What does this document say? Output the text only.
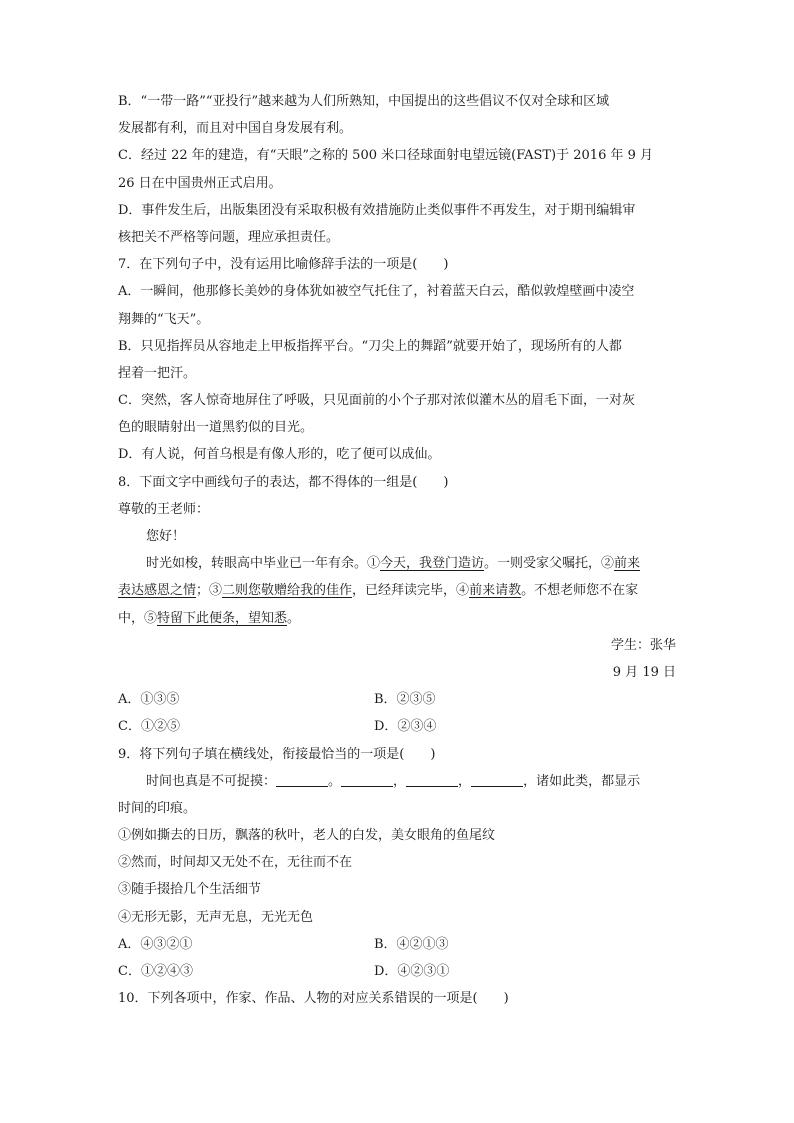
B．“一带一路”“亚投行”越来越为人们所熟知，中国提出的这些倡议不仅对全球和区域
发展都有利，而且对中国自身发展有利。
C．经过 22 年的建造，有“天眼”之称的 500 米口径球面射电望远镜(FAST)于 2016 年 9 月
26 日在中国贵州正式启用。
D．事件发生后，出版集团没有采取积极有效措施防止类似事件不再发生，对于期刊编辑审
核把关不严格等问题，理应承担责任。
7．在下列句子中，没有运用比喻修辞手法的一项是(　　)
A．一瞬间，他那修长美妙的身体犹如被空气托住了，衬着蓝天白云，酷似敦煌壁画中凌空
翔舞的“飞天”。
B．只见指挥员从容地走上甲板指挥平台。“刀尖上的舞蹈”就要开始了，现场所有的人都
捏着一把汗。
C．突然，客人惊奇地屏住了呼吸，只见面前的小个子那对浓似灌木丛的眉毛下面，一对灰
色的眼睛射出一道黑豹似的目光。
D．有人说，何首乌根是有像人形的，吃了便可以成仙。
8．下面文字中画线句子的表达，都不得体的一组是(　　)
尊敬的王老师：
您好！
时光如梭，转眼高中毕业已一年有余。①今天，我登门造访。一则受家父嘱托，②前来
表达感恩之情；③二则您敬赠给我的佳作，已经拜读完毕，④前来请教。不想老师您不在家
中，⑤特留下此便条，望知悉。
学生：张华
9 月 19 日
A．①③⑤	B．②③⑤
C．①②⑤	D．②③④
9．将下列句子填在横线处，衔接最恰当的一项是(　　)
时间也真是不可捉摸：	。	，	，	，诸如此类，都显示
时间的印痕。
①例如撕去的日历，飘落的秋叶，老人的白发，美女眼角的鱼尾纹
②然而，时间却又无处不在，无往而不在
③随手掇拾几个生活细节
④无形无影，无声无息，无光无色
A．④③②①	B．④②①③
C．①②④③	D．④②③①
10．下列各项中，作家、作品、人物的对应关系错误的一项是(　　)
